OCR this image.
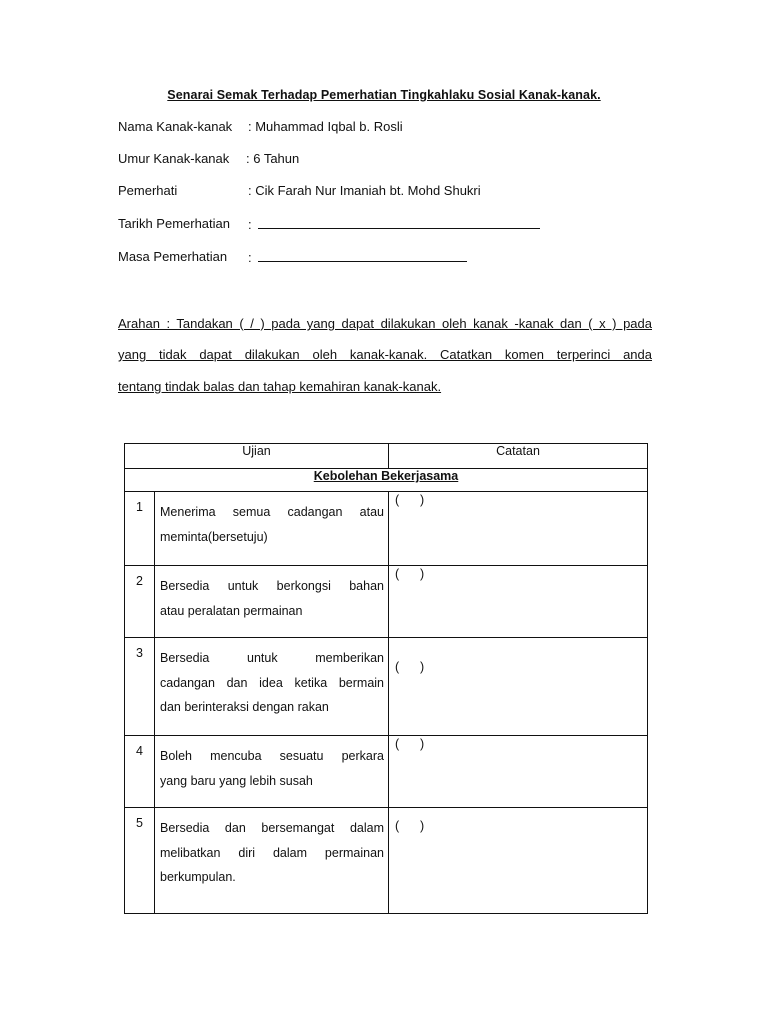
Senarai Semak Terhadap Pemerhatian Tingkahlaku Sosial Kanak-kanak.
Nama Kanak-kanak : Muhammad Iqbal b. Rosli
Umur Kanak-kanak : 6 Tahun
Pemerhati	: Cik Farah Nur Imaniah bt. Mohd Shukri
Tarikh Pemerhatian :
Masa Pemerhatian :
Arahan : Tandakan ( / ) pada yang dapat dilakukan oleh kanak -kanak dan ( x ) pada
yang tidak dapat dilakukan oleh kanak-kanak. Catatkan komen terperinci anda
tentang tindak balas dan tahap kemahiran kanak-kanak.
Ujian		Catatan
Kebolehan Bekerjasama		
1	Menerima semua cadangan atau
meminta(bersetuju)	(      )

2	Bersedia untuk berkongsi bahan
atau peralatan permainan	(      )

3	Bersedia untuk memberikan
cadangan dan idea ketika bermain
dan berinteraksi dengan rakan	(      )

4	Boleh mencuba sesuatu perkara
yang baru yang lebih susah	(      )

5	Bersedia dan bersemangat dalam
melibatkan diri dalam permainan
berkumpulan.	(      )
